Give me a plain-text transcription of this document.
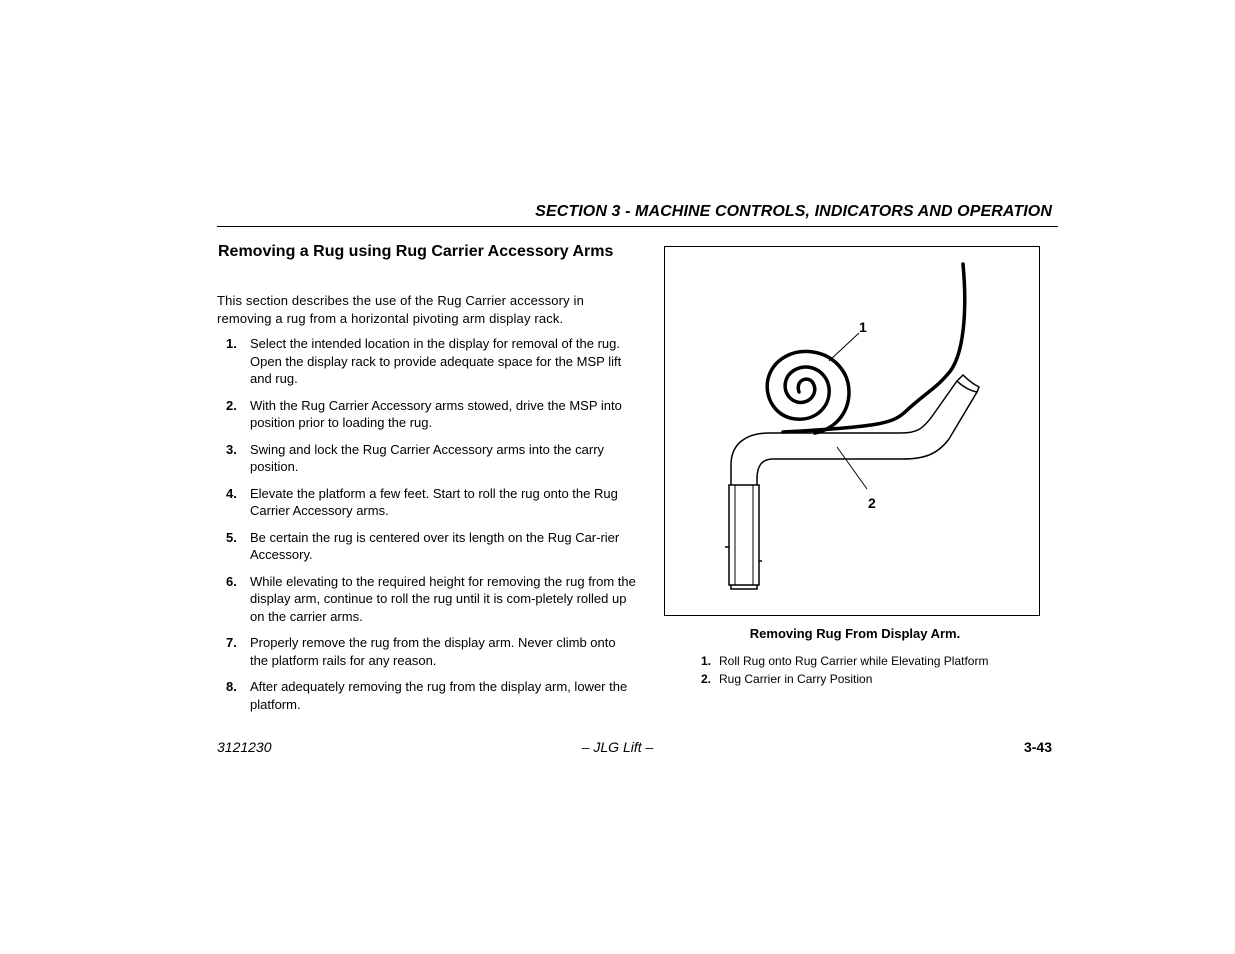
SECTION 3 - MACHINE CONTROLS, INDICATORS AND OPERATION
Removing a Rug using Rug Carrier Accessory Arms
This section describes the use of the Rug Carrier accessory in removing a rug from a horizontal pivoting arm display rack.
1. Select the intended location in the display for removal of the rug. Open the display rack to provide adequate space for the MSP lift and rug.
2. With the Rug Carrier Accessory arms stowed, drive the MSP into position prior to loading the rug.
3. Swing and lock the Rug Carrier Accessory arms into the carry position.
4. Elevate the platform a few feet. Start to roll the rug onto the Rug Carrier Accessory arms.
5. Be certain the rug is centered over its length on the Rug Car-rier Accessory.
6. While elevating to the required height for removing the rug from the display arm, continue to roll the rug until it is com-pletely rolled up on the carrier arms.
7. Properly remove the rug from the display arm. Never climb onto the platform rails for any reason.
8. After adequately removing the rug from the display arm, lower the platform.
1
2
Removing Rug From Display Arm.
1. Roll Rug onto Rug Carrier while Elevating Platform
2. Rug Carrier in Carry Position
3121230	– JLG Lift –	3-43
